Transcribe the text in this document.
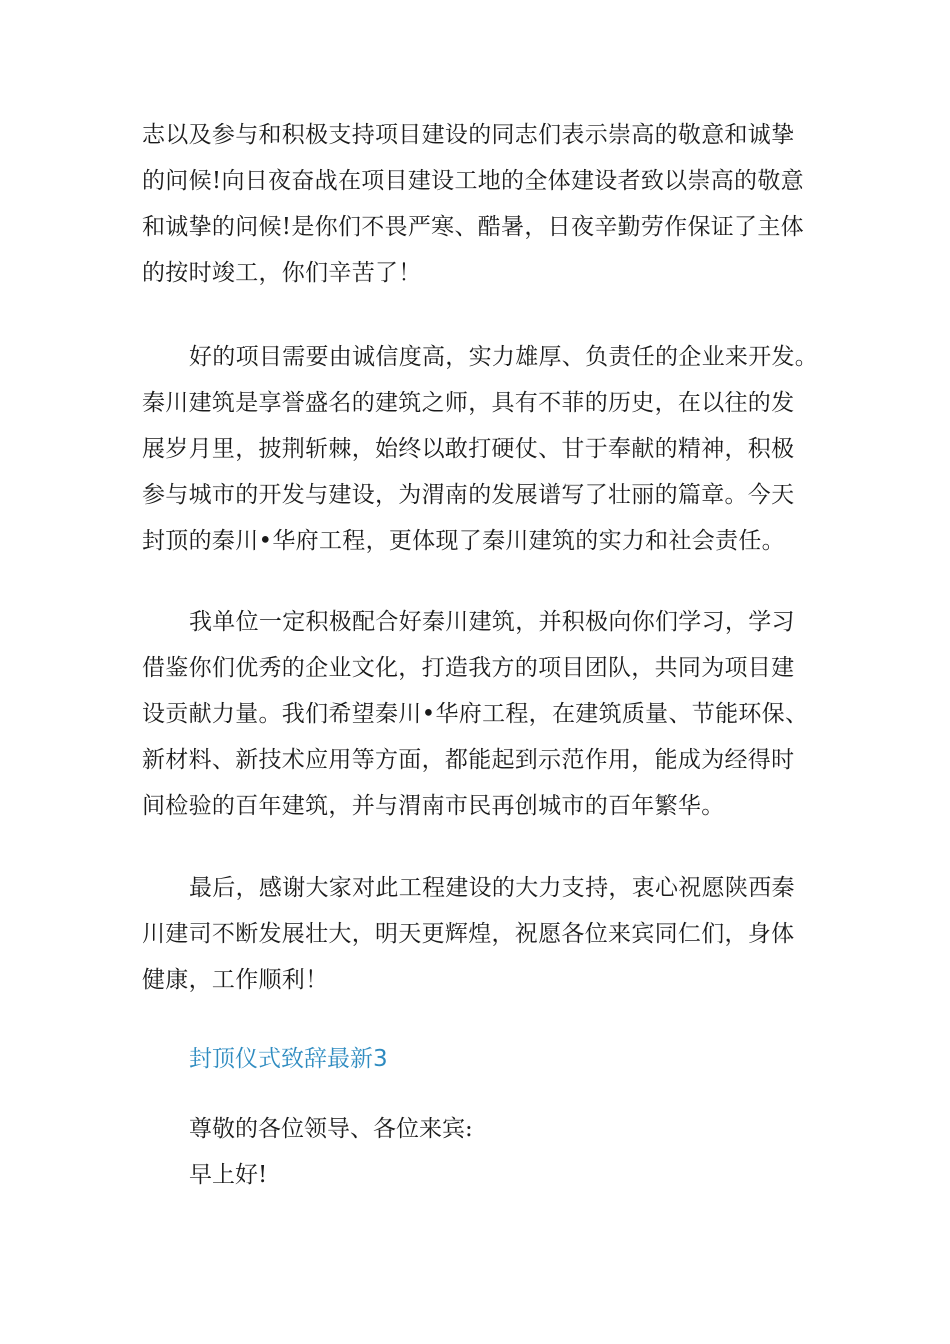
志以及参与和积极支持项目建设的同志们表示崇高的敬意和诚挚
的问候!向日夜奋战在项目建设工地的全体建设者致以崇高的敬意
和诚挚的问候!是你们不畏严寒、酷暑，日夜辛勤劳作保证了主体
的按时竣工，你们辛苦了！
好的项目需要由诚信度高，实力雄厚、负责任的企业来开发。
秦川建筑是享誉盛名的建筑之师，具有不菲的历史，在以往的发
展岁月里，披荆斩棘，始终以敢打硬仗、甘于奉献的精神，积极
参与城市的开发与建设，为渭南的发展谱写了壮丽的篇章。今天
封顶的秦川•华府工程，更体现了秦川建筑的实力和社会责任。
我单位一定积极配合好秦川建筑，并积极向你们学习，学习
借鉴你们优秀的企业文化，打造我方的项目团队，共同为项目建
设贡献力量。我们希望秦川•华府工程，在建筑质量、节能环保、
新材料、新技术应用等方面，都能起到示范作用，能成为经得时
间检验的百年建筑，并与渭南市民再创城市的百年繁华。
最后，感谢大家对此工程建设的大力支持，衷心祝愿陕西秦
川建司不断发展壮大，明天更辉煌，祝愿各位来宾同仁们，身体
健康，工作顺利！
封顶仪式致辞最新3
尊敬的各位领导、各位来宾:
早上好!
